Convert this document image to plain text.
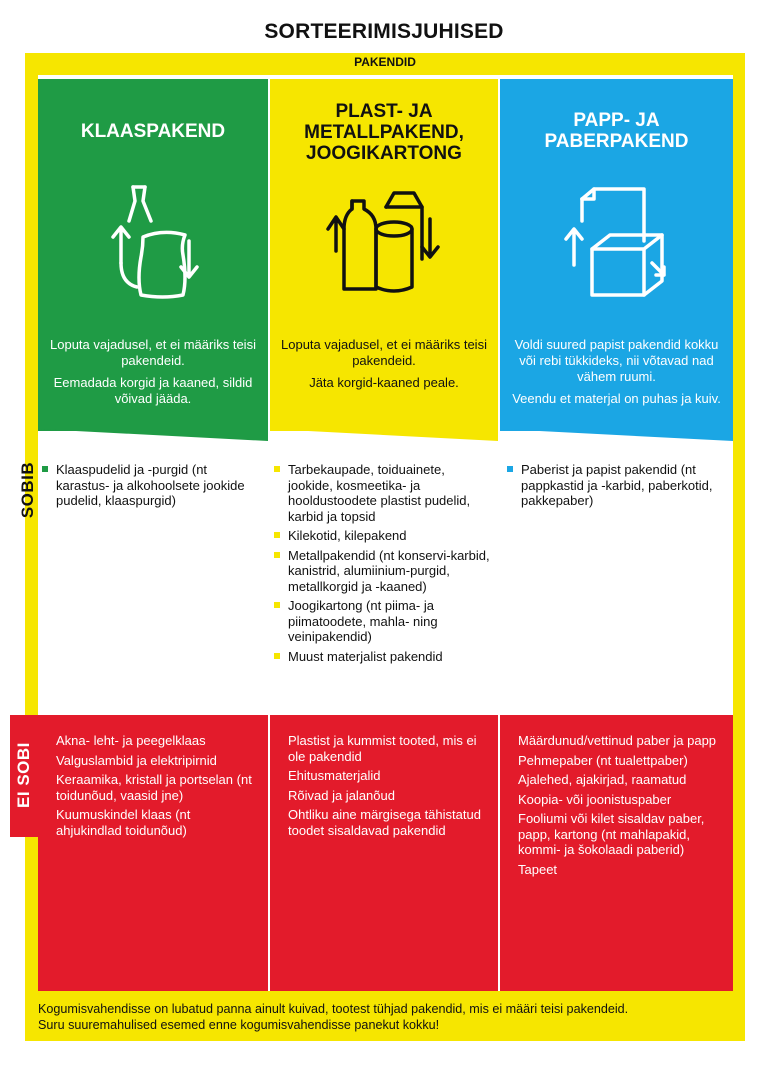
SORTEERIMISJUHISED
PAKENDID
KLAASPAKEND

Loputa vajadusel, et ei määriks teisi pakendeid.

Eemadada korgid ja kaaned, sildid võivad jääda.

PLAST- JA
METALLPAKEND,
JOOGIKARTONG

Loputa vajadusel, et ei määriks teisi pakendeid.

Jäta korgid-kaaned peale.

PAPP- JA
PABERPAKEND

Voldi suured papist pakendid kokku või rebi tükkideks, nii võtavad nad vähem ruumi.

Veendu et materjal on puhas ja kuiv.

SOBIB	Klaaspudelid ja -purgid (nt karastus- ja alkohoolsete jookide pudelid, klaaspurgid)
Tarbekaupade, toiduainete, jookide, kosmeetika- ja hooldustoodete plastist pudelid, karbid ja topsid
Kilekotid, kilepakend
Metallpakendid (nt konservi-karbid, kanistrid, alumiinium-purgid, metallkorgid ja -kaaned)
Joogikartong (nt piima- ja piimatoodete, mahla- ning veinipakendid)
Muust materjalist pakendid
Paberist ja papist pakendid (nt pappkastid ja -karbid, paberkotid, pakkepaber)
EI SOBI
Akna- leht- ja peegelklaas
Valguslambid ja elektripirnid
Keraamika, kristall ja portselan (nt toidunõud, vaasid jne)
Kuumuskindel klaas (nt ahjukindlad toidunõud)
Plastist ja kummist tooted, mis ei ole pakendid
Ehitusmaterjalid
Rõivad ja jalanõud
Ohtliku aine märgisega tähistatud toodet sisaldavad pakendid
Määrdunud/vettinud paber ja papp
Pehmepaber (nt tualettpaber)
Ajalehed, ajakirjad, raamatud
Koopia- või joonistuspaber
Fooliumi või kilet sisaldav paber, papp, kartong (nt mahlapakid, kommi- ja šokolaadi paberid)
Tapeet
Kogumisvahendisse on lubatud panna ainult kuivad, tootest tühjad pakendid, mis ei määri teisi pakendeid.
Suru suuremahulised esemed enne kogumisvahendisse panekut kokku!
